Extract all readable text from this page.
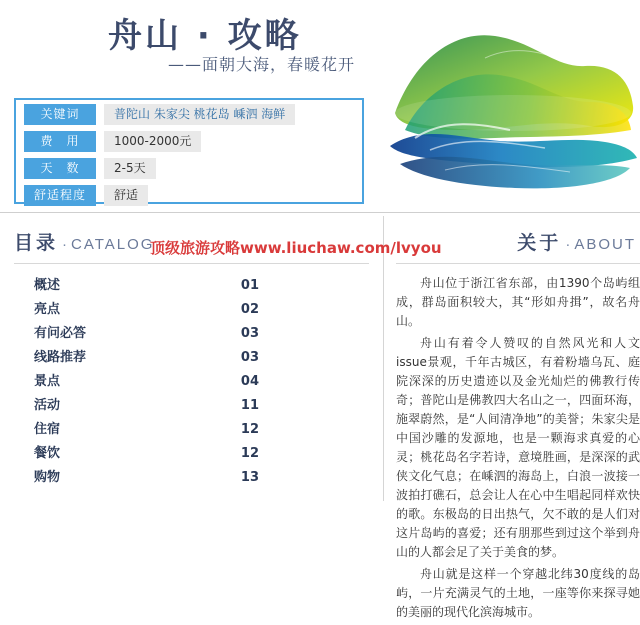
舟山 · 攻略
——面朝大海，春暖花开
关键词	普陀山 朱家尖 桃花岛 嵊泗 海鲜
费　用	1000-2000元
天　数	2-5天
舒适程度	舒适
目录 · CATALOG
概述	01
亮点	02
有问必答	03
线路推荐	03
景点	04
活动	11
住宿	12
餐饮	12
购物	13
关于 · ABOUT

舟山位于浙江省东部，由1390个岛屿组成，群岛面积较大，其“形如舟揖”，故名舟山。

舟山有着令人赞叹的自然风光和人文issue景观，千年古城区，有着粉墙乌瓦、庭院深深的历史遗迹以及金光灿烂的佛教行传奇；普陀山是佛教四大名山之一，四面环海，施翠蔚然，是“人间清净地”的美誉；朱家尖是中国沙雕的发源地，也是一颗海求真爱的心灵；桃花岛名字若诗，意境胜画，是深深的武侠文化气息；在嵊泗的海岛上，白浪一波接一波拍打礁石，总会让人在心中生唱起同样欢快的歌。东极岛的日出热气，欠不敢的是人们对这片岛屿的喜爱；还有朋那些到过这个举到舟山的人都会足了关于美食的梦。

舟山就是这样一个穿越北纬30度线的岛屿，一片充满灵气的土地，一座等你来探寻她的美丽的现代化滨海城市。

顶级旅游攻略www.liuchaw.com/lvyou
